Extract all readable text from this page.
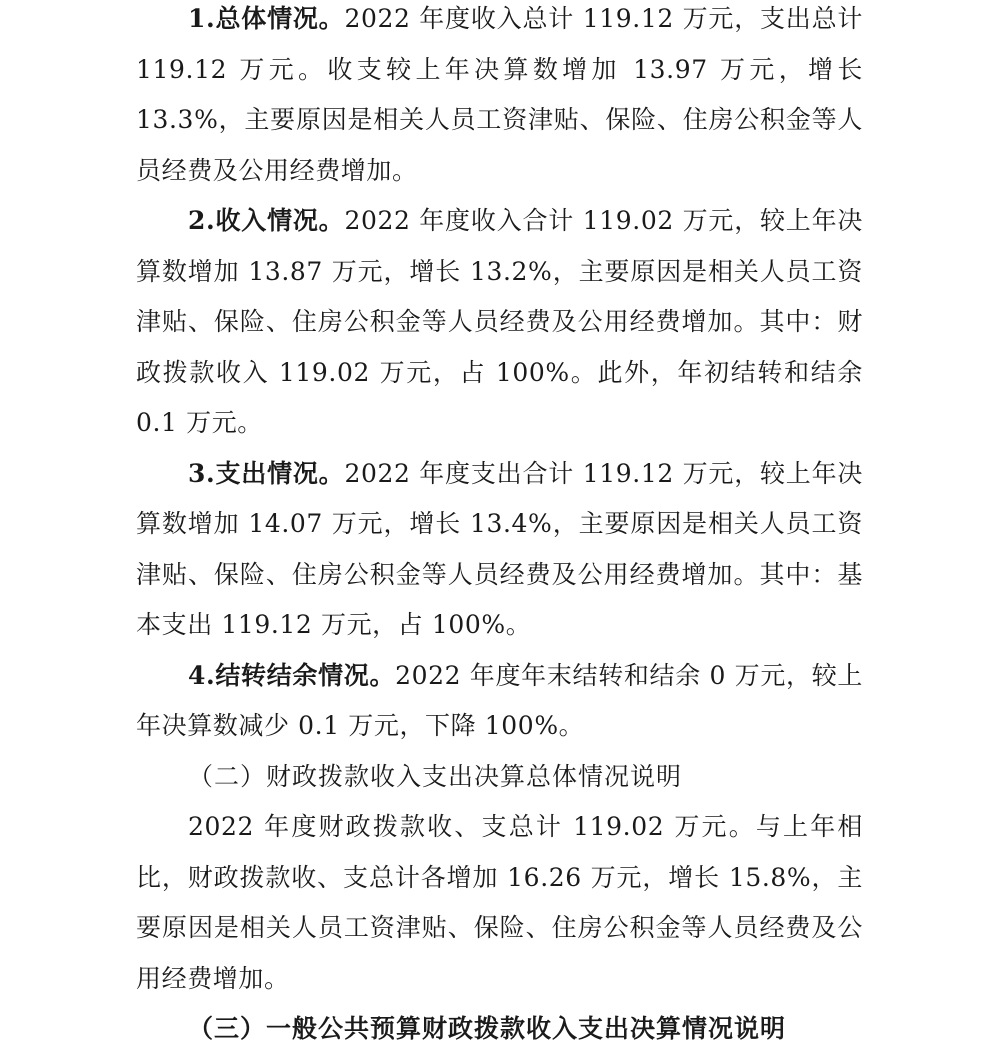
1.总体情况。2022 年度收入总计 119.12 万元，支出总计 119.12 万元。收支较上年决算数增加 13.97 万元，增长 13.3%，主要原因是相关人员工资津贴、保险、住房公积金等人员经费及公用经费增加。

2.收入情况。2022 年度收入合计 119.02 万元，较上年决算数增加 13.87 万元，增长 13.2%，主要原因是相关人员工资津贴、保险、住房公积金等人员经费及公用经费增加。其中：财政拨款收入 119.02 万元，占 100%。此外，年初结转和结余 0.1 万元。

3.支出情况。2022 年度支出合计 119.12 万元，较上年决算数增加 14.07 万元，增长 13.4%，主要原因是相关人员工资津贴、保险、住房公积金等人员经费及公用经费增加。其中：基本支出 119.12 万元，占 100%。

4.结转结余情况。2022 年度年末结转和结余 0 万元，较上年决算数减少 0.1 万元，下降 100%。

（二）财政拨款收入支出决算总体情况说明

2022 年度财政拨款收、支总计 119.02 万元。与上年相比，财政拨款收、支总计各增加 16.26 万元，增长 15.8%，主要原因是相关人员工资津贴、保险、住房公积金等人员经费及公用经费增加。

（三）一般公共预算财政拨款收入支出决算情况说明
